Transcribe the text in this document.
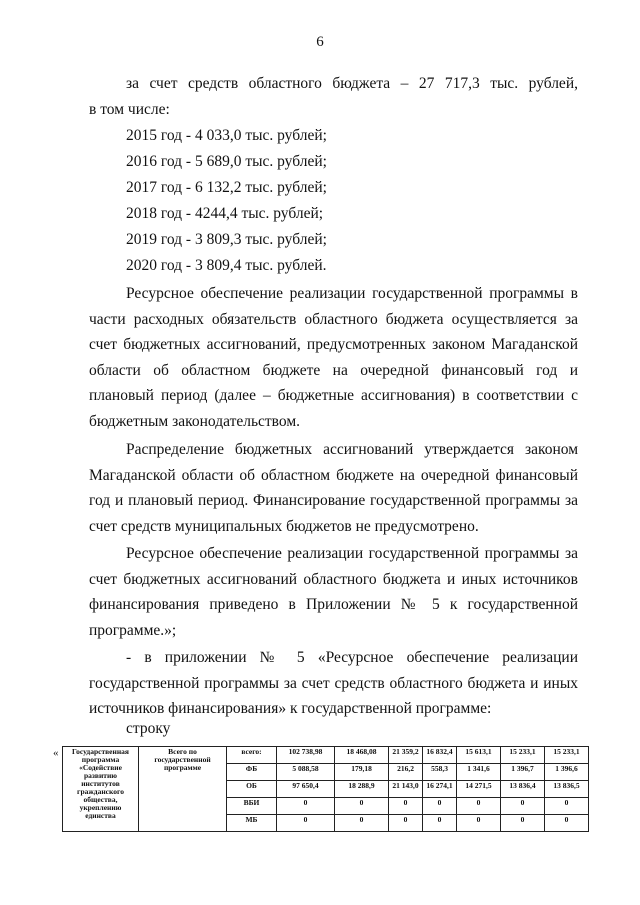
6
за счет средств областного бюджета – 27 717,3 тыс. рублей,
в том числе:
2015 год - 4 033,0 тыс. рублей;
2016 год - 5 689,0 тыс. рублей;
2017 год - 6 132,2 тыс. рублей;
2018 год - 4244,4 тыс. рублей;
2019 год - 3 809,3 тыс. рублей;
2020 год - 3 809,4 тыс. рублей.
Ресурсное обеспечение реализации государственной программы в части расходных обязательств областного бюджета осуществляется за счет бюджетных ассигнований, предусмотренных законом Магаданской области об областном бюджете на очередной финансовый год и плановый период (далее – бюджетные ассигнования) в соответствии с бюджетным законодательством.
Распределение бюджетных ассигнований утверждается законом Магаданской области об областном бюджете на очередной финансовый год и плановый период. Финансирование государственной программы за счет средств муниципальных бюджетов не предусмотрено.
Ресурсное обеспечение реализации государственной программы за счет бюджетных ассигнований областного бюджета и иных источников финансирования приведено в Приложении № 5 к государственной программе.»;
- в приложении № 5 «Ресурсное обеспечение реализации государственной программы за счет средств областного бюджета и иных источников финансирования» к государственной программе:
строку
« Государственная программа «Содействие развитию институтов гражданского общества, укреплению единства	Всего по государственной программе	всего:	102 738,98	18 468,08	21 359,2	16 832,4	15 613,1	15 233,1	15 233,1
		ФБ	5 088,58	179,18	216,2	558,3	1 341,6	1 396,7	1 396,6
		ОБ	97 650,4	18 288,9	21 143,0	16 274,1	14 271,5	13 836,4	13 836,5
		ВБИ	0	0	0	0	0	0	0
		МБ	0	0	0	0	0	0	0
